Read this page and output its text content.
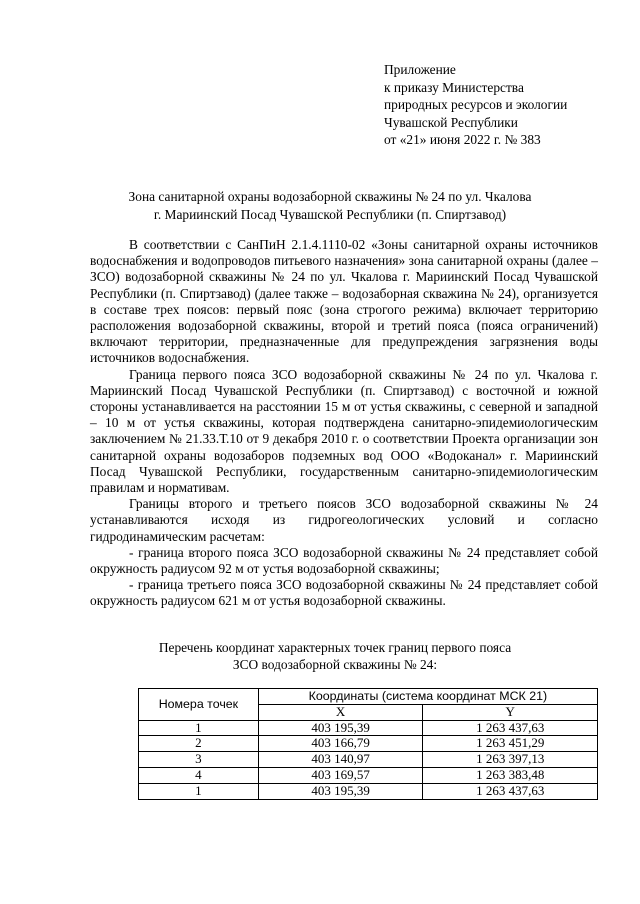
Приложение
к приказу Министерства
природных ресурсов и экологии
Чувашской Республики
от «21» июня 2022 г. № 383
Зона санитарной охраны водозаборной скважины № 24 по ул. Чкалова
г. Мариинский Посад Чувашской Республики (п. Спиртзавод)

В соответствии с СанПиН 2.1.4.1110-02 «Зоны санитарной охраны источников водоснабжения и водопроводов питьевого назначения» зона санитарной охраны (далее – ЗСО) водозаборной скважины № 24 по ул. Чкалова г. Мариинский Посад Чувашской Республики (п. Спиртзавод) (далее также – водозаборная скважина № 24), организуется в составе трех поясов: первый пояс (зона строгого режима) включает территорию расположения водозаборной скважины, второй и третий пояса (пояса ограничений) включают территории, предназначенные для предупреждения загрязнения воды источников водоснабжения.

Граница первого пояса ЗСО водозаборной скважины № 24 по ул. Чкалова г. Мариинский Посад Чувашской Республики (п. Спиртзавод) с восточной и южной стороны устанавливается на расстоянии 15 м от устья скважины, с северной и западной – 10 м от устья скважины, которая подтверждена санитарно-эпидемиологическим заключением № 21.33.Т.10 от 9 декабря 2010 г. о соответствии Проекта организации зон санитарной охраны водозаборов подземных вод ООО «Водоканал» г. Мариинский Посад Чувашской Республики, государственным санитарно-эпидемиологическим правилам и нормативам.

Границы второго и третьего поясов ЗСО водозаборной скважины № 24 устанавливаются исходя из гидрогеологических условий и согласно гидродинамическим расчетам:

- граница второго пояса ЗСО водозаборной скважины № 24 представляет собой окружность радиусом 92 м от устья водозаборной скважины;

- граница третьего пояса ЗСО водозаборной скважины № 24 представляет собой окружность радиусом 621 м от устья водозаборной скважины.

Перечень координат характерных точек границ первого пояса
ЗСО водозаборной скважины № 24:
Номера точек	Координаты (система координат МСК 21)	
	X	Y
1	403 195,39	1 263 437,63
2	403 166,79	1 263 451,29
3	403 140,97	1 263 397,13
4	403 169,57	1 263 383,48
1	403 195,39	1 263 437,63
